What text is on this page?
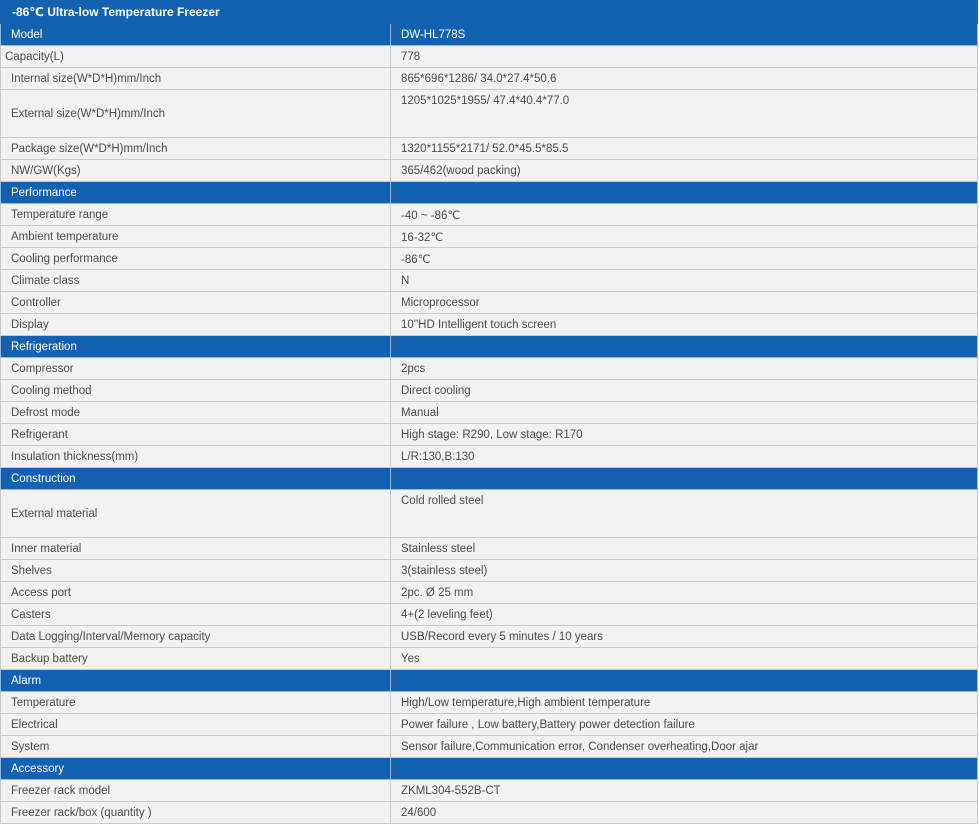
-86℃ Ultra-low Temperature Freezer	
Model	DW-HL778S
Capacity(L)	778
Internal size(W*D*H)mm/Inch	865*696*1286/ 34.0*27.4*50.6
External size(W*D*H)mm/Inch	1205*1025*1955/ 47.4*40.4*77.0
Package size(W*D*H)mm/Inch	1320*1155*2171/ 52.0*45.5*85.5
NW/GW(Kgs)	365/462(wood packing)
Performance	
Temperature range	-40 ~ -86℃
Ambient temperature	16-32℃
Cooling performance	-86℃
Climate class	N
Controller	Microprocessor
Display	10''HD Intelligent touch screen
Refrigeration	
Compressor	2pcs
Cooling method	Direct cooling
Defrost mode	Manual
Refrigerant	High stage: R290, Low stage: R170
Insulation thickness(mm)	L/R:130,B:130
Construction	
External material	Cold rolled steel
Inner material	Stainless steel
Shelves	3(stainless steel)
Access port	2pc. Ø 25 mm
Casters	4+(2 leveling feet)
Data Logging/Interval/Memory capacity	USB/Record every 5 minutes / 10 years
Backup battery	Yes
Alarm	
Temperature	High/Low temperature,High ambient temperature
Electrical	Power failure , Low battery,Battery power detection failure
System	Sensor failure,Communication error, Condenser overheating,Door ajar
Accessory	
Freezer rack model	ZKML304-552B-CT
Freezer rack/box (quantity )	24/600
